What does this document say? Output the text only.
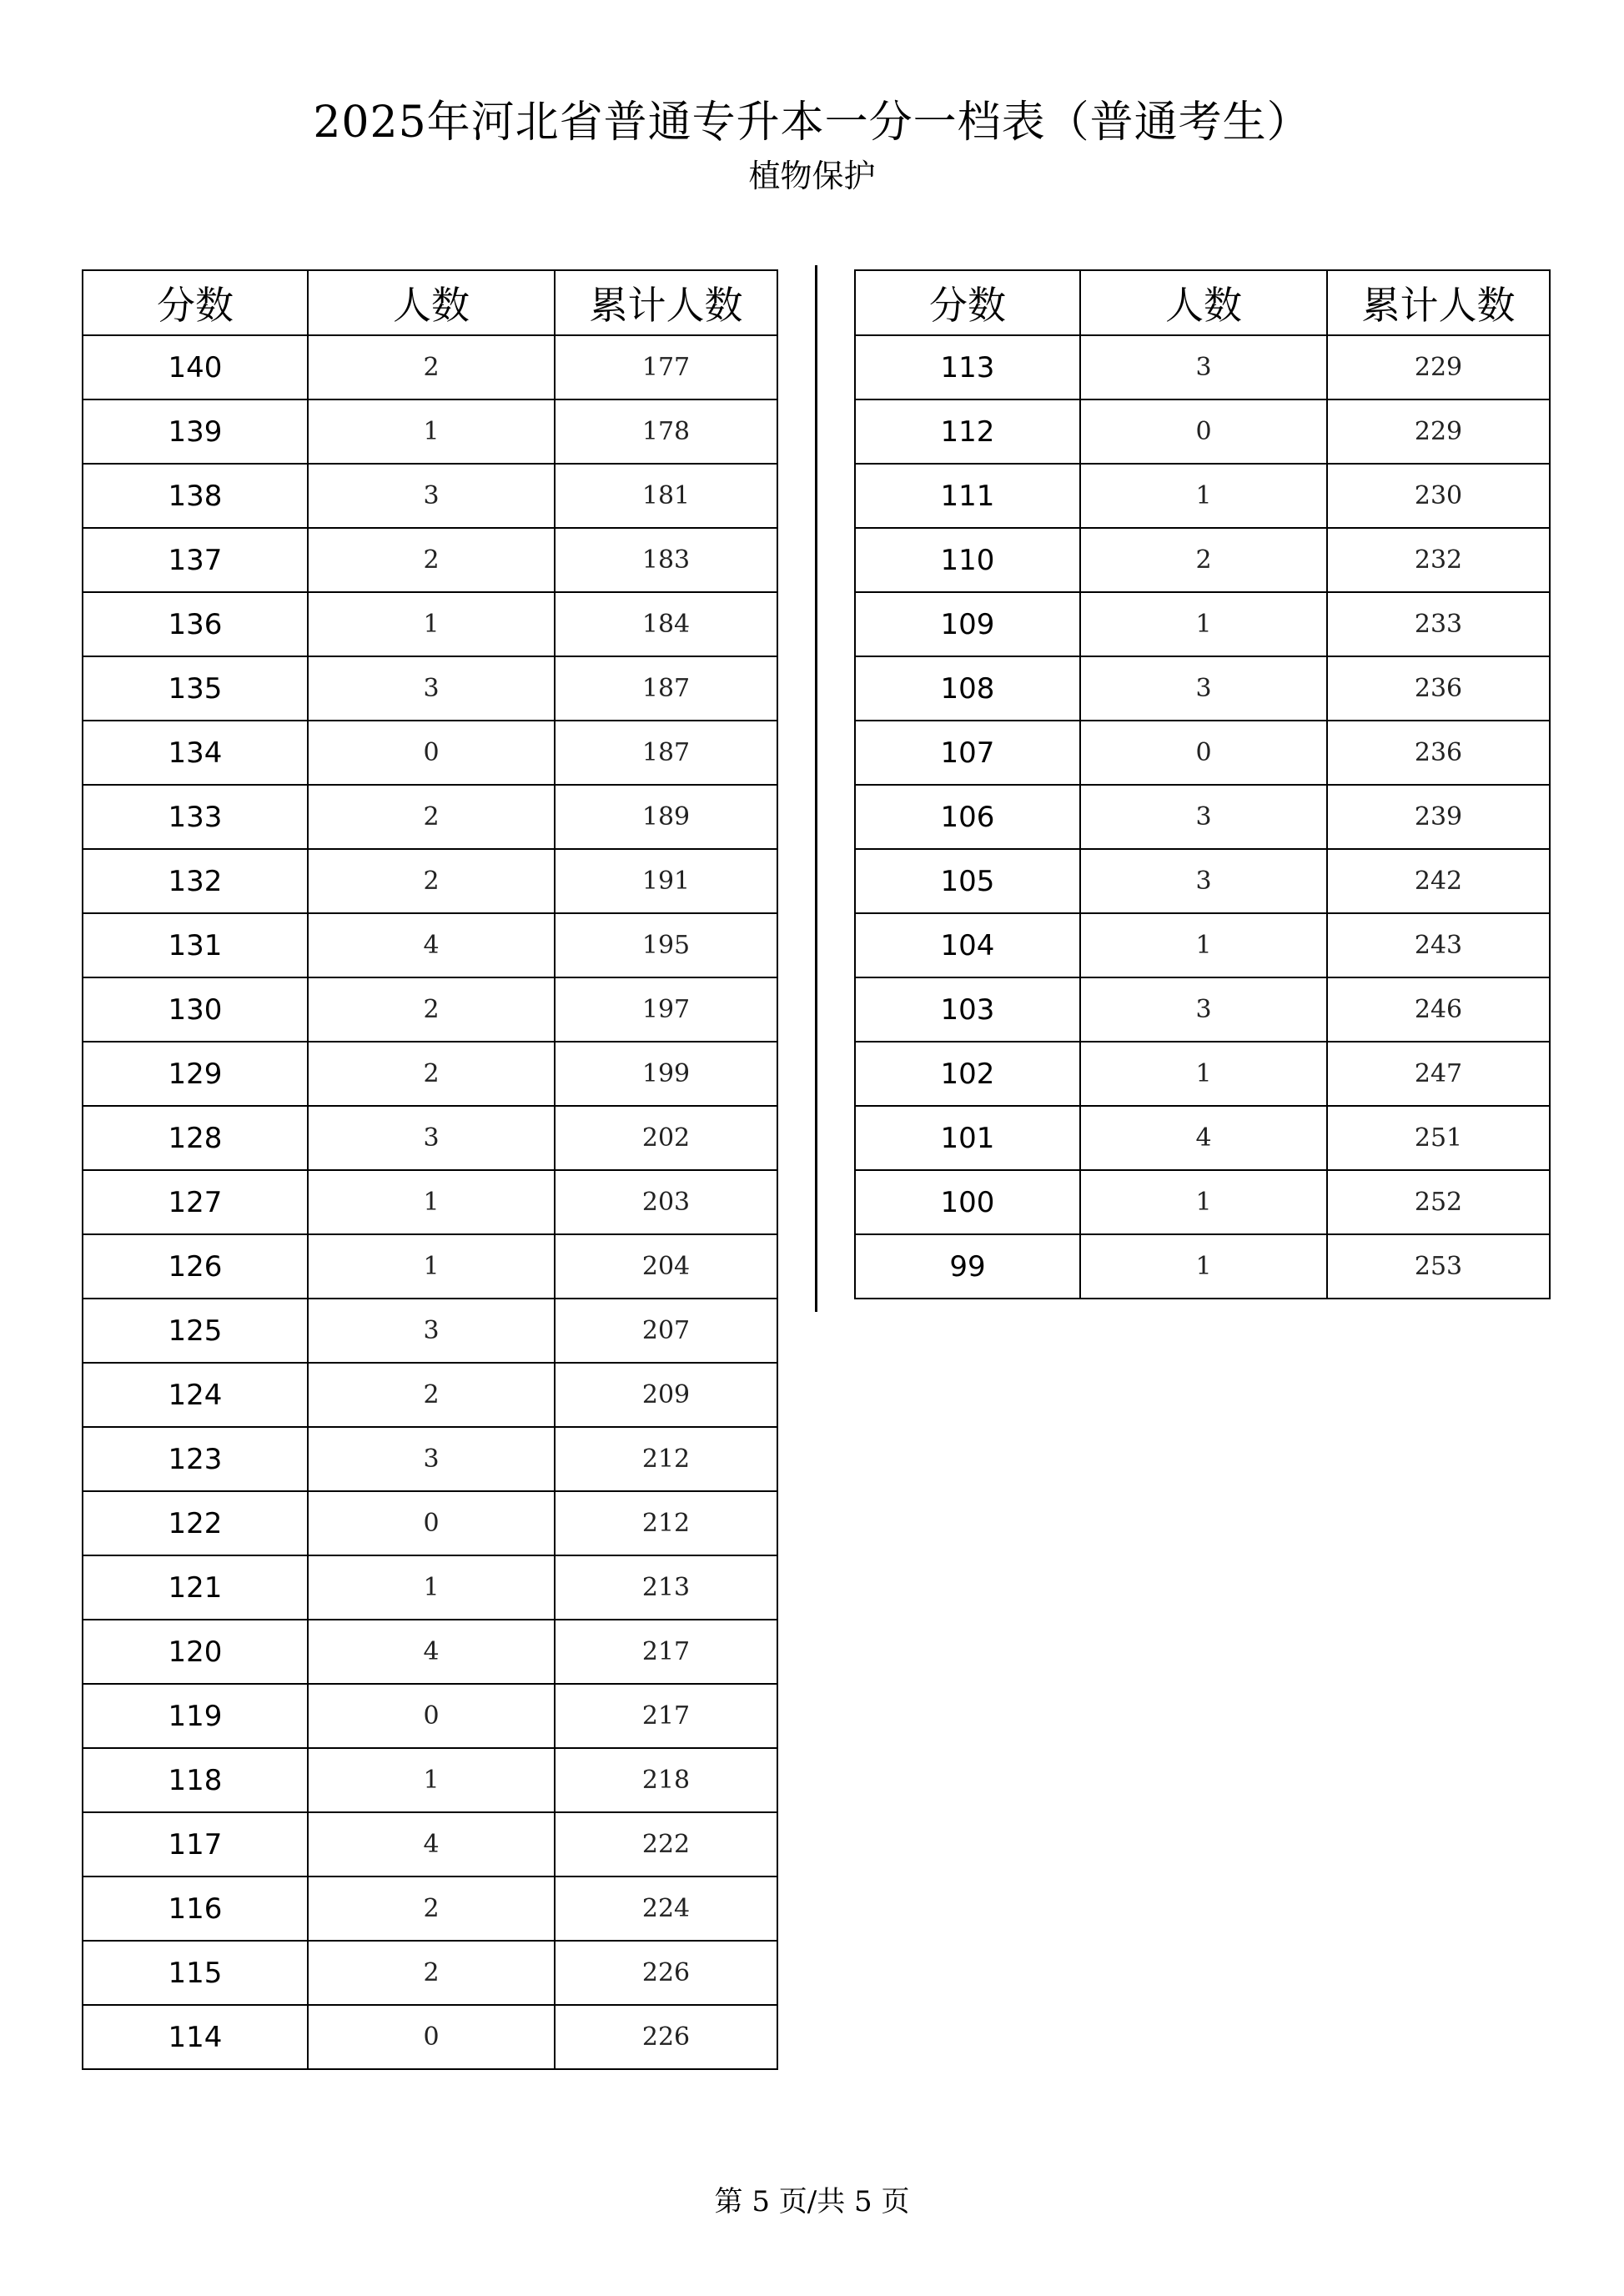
2025年河北省普通专升本一分一档表（普通考生）
植物保护
分数	人数	累计人数
140	2	177
139	1	178
138	3	181
137	2	183
136	1	184
135	3	187
134	0	187
133	2	189
132	2	191
131	4	195
130	2	197
129	2	199
128	3	202
127	1	203
126	1	204
125	3	207
124	2	209
123	3	212
122	0	212
121	1	213
120	4	217
119	0	217
118	1	218
117	4	222
116	2	224
115	2	226
114	0	226
分数	人数	累计人数
113	3	229
112	0	229
111	1	230
110	2	232
109	1	233
108	3	236
107	0	236
106	3	239
105	3	242
104	1	243
103	3	246
102	1	247
101	4	251
100	1	252
99	1	253
第 5 页/共 5 页
